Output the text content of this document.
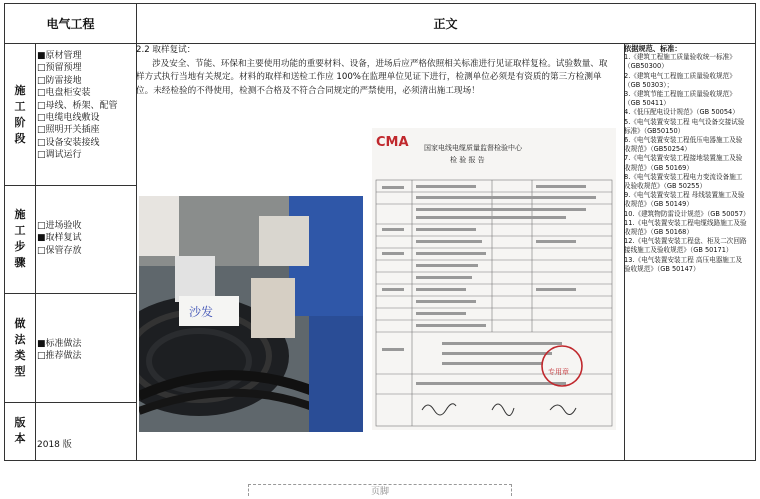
电气工程	正文
施
工
阶
段
施
工
步
骤
做
法
类
型
版
本
■原材管理
□预留预埋
□防雷接地
□电盘柜安装
□母线、桥架、配管
□电缆电线敷设
□照明开关插座
□设备安装接线
□调试运行
□进场验收
■取样复试
□保管存放
■标准做法
□推荐做法
2018 版

2.2 取样复试：

涉及安全、节能、环保和主要使用功能的重要材料、设备，进场后应严格依照相关标准进行见证取样复检。试验数量、取样方式执行当地有关规定。材料的取样和送检工作应 100%在监理单位见证下进行，检测单位必须是有资质的第三方检测单位。未经检验的不得使用，检测不合格及不符合合同规定的严禁使用，必须清出施工现场！

沙发
CMA 国家电线电缆质量监督检验中心
检 验 报 告
专用章
依据规范、标准：
1.《建筑工程施工质量验收统一标准》（GB50300）
2.《建筑电气工程施工质量验收规范》（GB 50303）；
3.《建筑节能工程施工质量验收规范》（GB 50411）
4.《低压配电设计规范》（GB 50054）
5.《电气装置安装工程 电气设备交接试验标准》（GB50150）
6.《电气装置安装工程低压电器施工及验收规范》（GB50254）
7.《电气装置安装工程接地装置施工及验收规范》（GB 50169）
8.《电气装置安装工程电力变流设备施工及验收规范》（GB 50255）
9.《电气装置安装工程 母线装置施工及验收规范》（GB 50149）
10.《建筑物防雷设计规范》（GB 50057）
11.《电气装置安装工程电缆线路施工及验收规范》（GB 50168）
12.《电气装置安装工程盘、柜及二次回路接线施工及验收规范》（GB 50171）
13.《电气装置安装工程 高压电器施工及验收规范》（GB 50147）
页脚
